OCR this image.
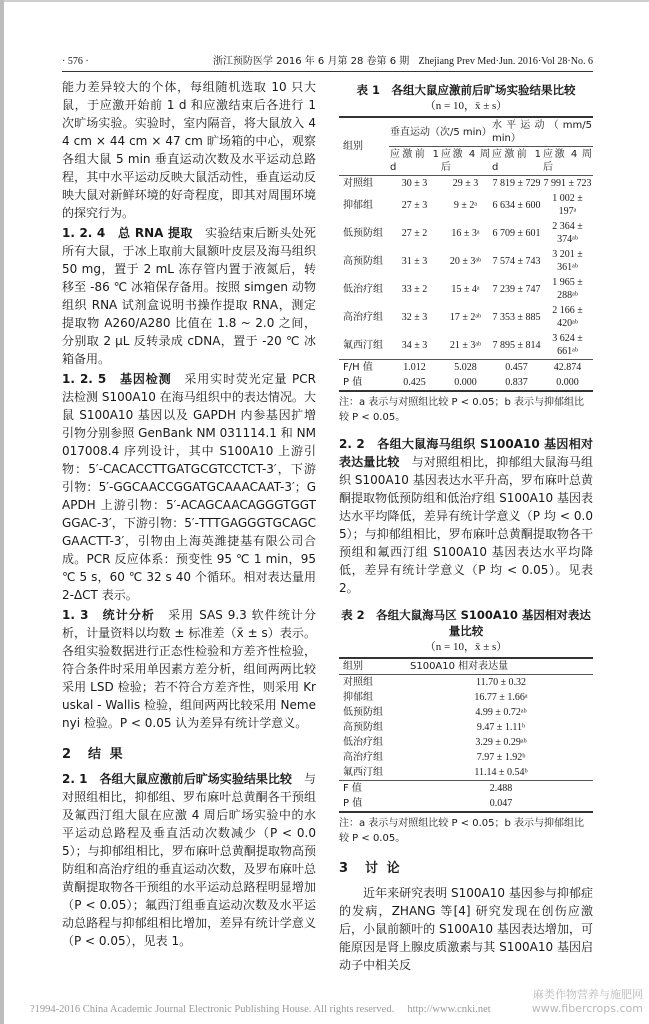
· 576 ·	浙江预防医学 2016 年 6 月第 28 卷第 6 期 Zhejiang Prev Med·Jun. 2016·Vol 28·No. 6

能力差异较大的个体，每组随机选取 10 只大鼠，于应激开始前 1 d 和应激结束后各进行 1 次旷场实验。实验时，室内隔音，将大鼠放入 44 cm × 44 cm × 47 cm 旷场箱的中心，观察各组大鼠 5 min 垂直运动次数及水平运动总路程，其中水平运动反映大鼠活动性，垂直运动反映大鼠对新鲜环境的好奇程度，即其对周围环境的探究行为。

1. 2. 4　总 RNA 提取　实验结束后断头处死所有大鼠，于冰上取前大鼠额叶皮层及海马组织 50 mg，置于 2 mL 冻存管内置于液氮后，转移至 -86 ℃ 冰箱保存备用。按照 simgen 动物组织 RNA 试剂盒说明书操作提取 RNA，测定提取物 A260/A280 比值在 1.8 ~ 2.0 之间，分别取 2 μL 反转录成 cDNA，置于 -20 ℃ 冰箱备用。

1. 2. 5　基因检测　采用实时荧光定量 PCR 法检测 S100A10 在海马组织中的表达情况。大鼠 S100A10 基因以及 GAPDH 内参基因扩增引物分别参照 GenBank NM 031114.1 和 NM 017008.4 序列设计，其中 S100A10 上游引物：5′-CACACCTTGATGCGTCCTCT-3′，下游引物：5′-GGCAACCGGATGCAAACAAT-3′；GAPDH 上游引物：5′-ACAGCAACAGGGTGGTGGAC-3′，下游引物：5′-TTTGAGGGTGCAGCGAACTT-3′，引物由上海英潍捷基有限公司合成。PCR 反应体系：预变性 95 ℃ 1 min，95 ℃ 5 s，60 ℃ 32 s 40 个循环。相对表达量用 2-ΔCT 表示。

1. 3　统计分析　采用 SAS 9.3 软件统计分析，计量资料以均数 ± 标准差（x̄ ± s）表示。各组实验数据进行正态性检验和方差齐性检验，符合条件时采用单因素方差分析，组间两两比较采用 LSD 检验；若不符合方差齐性，则采用 Kruskal - Wallis 检验，组间两两比较采用 Nemenyi 检验。P < 0.05 认为差异有统计学意义。

2　结 果

2. 1　各组大鼠应激前后旷场实验结果比较　与对照组相比，抑郁组、罗布麻叶总黄酮各干预组及氟西汀组大鼠在应激 4 周后旷场实验中的水平运动总路程及垂直活动次数减少（P < 0.05）；与抑郁组相比，罗布麻叶总黄酮提取物高预防组和高治疗组的垂直运动次数，及罗布麻叶总黄酮提取物各干预组的水平运动总路程明显增加（P < 0.05）；氟西汀组垂直运动次数及水平运动总路程与抑郁组相比增加，差异有统计学意义（P < 0.05），见表 1。

表 1　各组大鼠应激前后旷场实验结果比较
（n = 10，x̄ ± s）
组别	垂直运动（次/5 min）		水平运动（mm/5 min）	
	应激前 1 d	应激 4 周后	应激前 1 d	应激 4 周后
对照组	30 ± 3	29 ± 3	7 819 ± 729	7 991 ± 723
抑郁组	27 ± 3	9 ± 2ᵃ	6 634 ± 600	1 002 ± 197ᵃ
低预防组	27 ± 2	16 ± 3ᵃ	6 709 ± 601	2 364 ± 374ᵃᵇ
高预防组	31 ± 3	20 ± 3ᵃᵇ	7 574 ± 743	3 201 ± 361ᵃᵇ
低治疗组	33 ± 2	15 ± 4ᵃ	7 239 ± 747	1 965 ± 288ᵃᵇ
高治疗组	32 ± 3	17 ± 2ᵃᵇ	7 353 ± 885	2 166 ± 420ᵃᵇ
氟西汀组	34 ± 3	21 ± 3ᵃᵇ	7 895 ± 814	3 624 ± 661ᵃᵇ
F/H 值	1.012	5.028	0.457	42.874
P 值	0.425	0.000	0.837	0.000
注：a 表示与对照组比较 P < 0.05；b 表示与抑郁组比较 P < 0.05。

2. 2　各组大鼠海马组织 S100A10 基因相对表达量比较　与对照组相比，抑郁组大鼠海马组织 S100A10 基因表达水平升高，罗布麻叶总黄酮提取物低预防组和低治疗组 S100A10 基因表达水平均降低，差异有统计学意义（P 均 < 0.05）；与抑郁组相比，罗布麻叶总黄酮提取物各干预组和氟西汀组 S100A10 基因表达水平均降低，差异有统计学意义（P 均 < 0.05）。见表 2。

表 2　各组大鼠海马区 S100A10 基因相对表达量比较
（n = 10，x̄ ± s）
组别	S100A10 相对表达量
对照组	11.70 ± 0.32
抑郁组	16.77 ± 1.66ᵃ
低预防组	4.99 ± 0.72ᵃᵇ
高预防组	9.47 ± 1.11ᵇ
低治疗组	3.29 ± 0.29ᵃᵇ
高治疗组	7.97 ± 1.92ᵇ
氟西汀组	11.14 ± 0.54ᵇ
F 值	2.488
P 值	0.047
注：a 表示与对照组比较 P < 0.05；b 表示与抑郁组比较 P < 0.05。
3　讨 论

　　近年来研究表明 S100A10 基因参与抑郁症的发病，ZHANG 等[4] 研究发现在创伤应激后，小鼠前额叶的 S100A10 基因表达增加，可能原因是肾上腺皮质激素与其 S100A10 基因启动子中相关反

?1994-2016 China Academic Journal Electronic Publishing House. All rights reserved.　 http://www.cnki.net
麻类作物营养与施肥网
www.fibercrops.com
